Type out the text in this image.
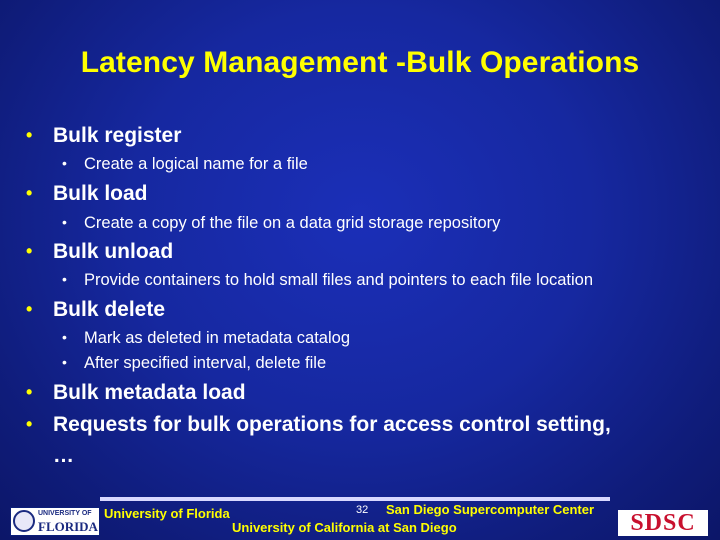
Latency Management -Bulk Operations
• Bulk register
• Create a logical name for a file
• Bulk load
• Create a copy of the file on a data grid storage repository
• Bulk unload
• Provide containers to hold small files and pointers to each file location
• Bulk delete
• Mark as deleted in metadata catalog
• After specified interval, delete file
• Bulk metadata load
• Requests for bulk operations for access control setting,
…
UNIVERSITY OF
FLORIDA
University of Florida	32 San Diego Supercomputer Center
University of California at San Diego	SDSC
